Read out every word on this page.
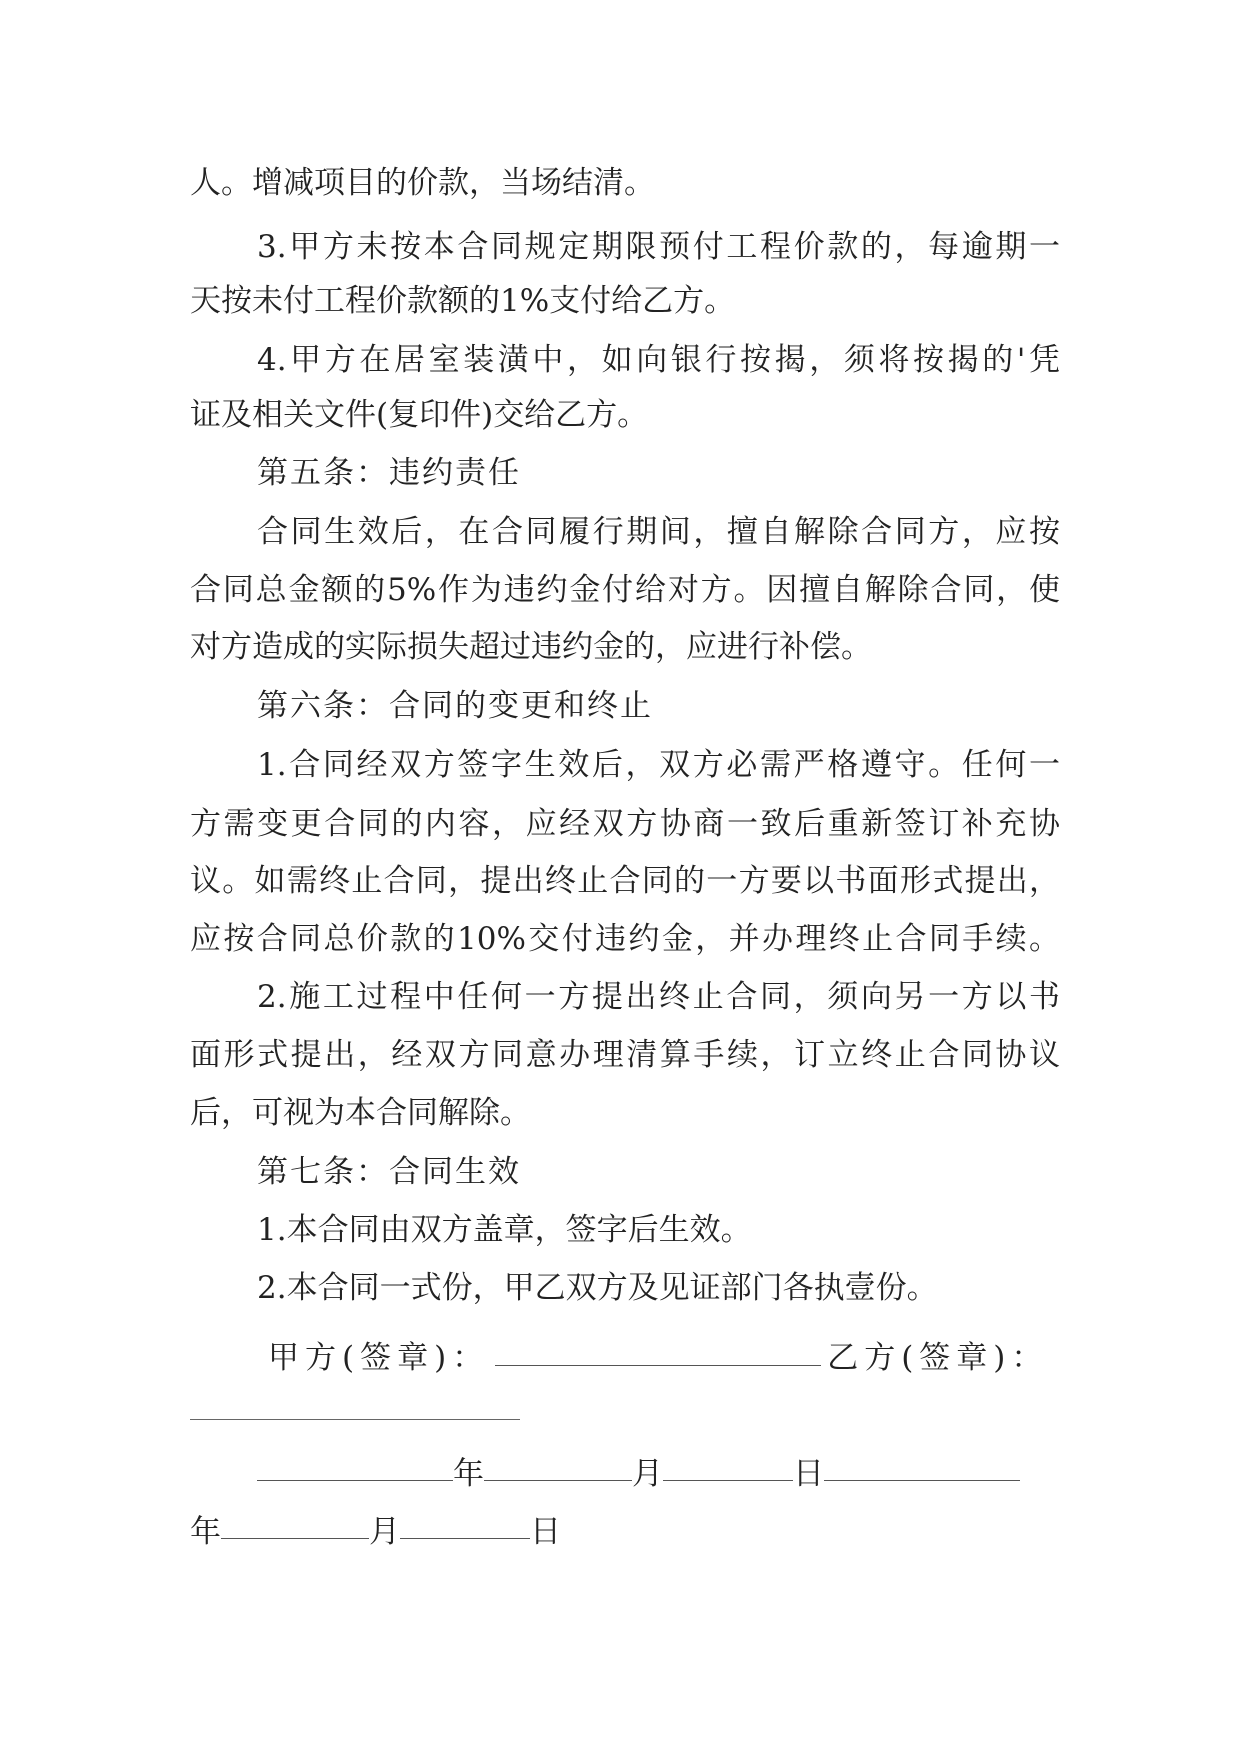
人。增减项目的价款，当场结清。
3.甲方未按本合同规定期限预付工程价款的，每逾期一
天按未付工程价款额的1%支付给乙方。
4.甲方在居室装潢中，如向银行按揭，须将按揭的'凭
证及相关文件(复印件)交给乙方。
第五条：违约责任
合同生效后，在合同履行期间，擅自解除合同方，应按
合同总金额的5%作为违约金付给对方。因擅自解除合同，使
对方造成的实际损失超过违约金的，应进行补偿。
第六条：合同的变更和终止
1.合同经双方签字生效后，双方必需严格遵守。任何一
方需变更合同的内容，应经双方协商一致后重新签订补充协
议。如需终止合同，提出终止合同的一方要以书面形式提出，
应按合同总价款的10%交付违约金，并办理终止合同手续。
2.施工过程中任何一方提出终止合同，须向另一方以书
面形式提出，经双方同意办理清算手续，订立终止合同协议
后，可视为本合同解除。
第七条：合同生效
1.本合同由双方盖章，签字后生效。
2.本合同一式份，甲乙双方及见证部门各执壹份。
甲方(签章)：	乙方(签章)：
年	月	日
年	月	日
